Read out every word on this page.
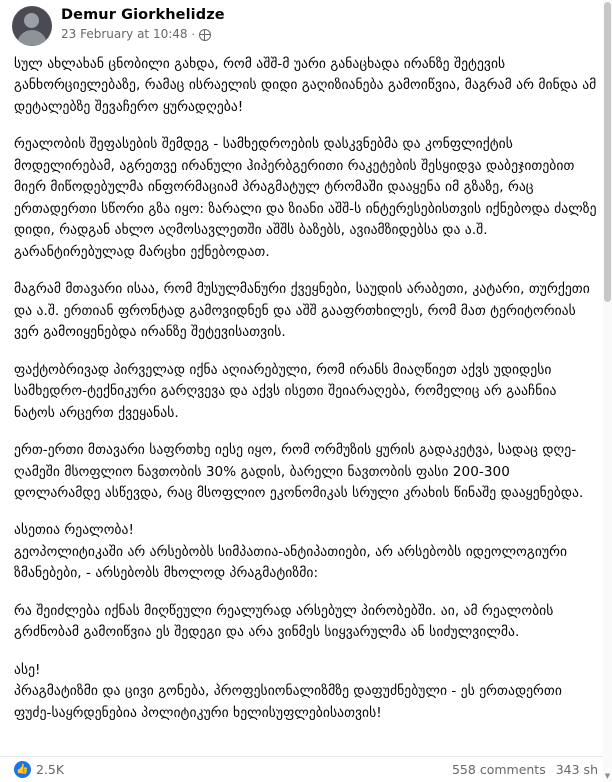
Demur Giorkhelidze
23 February at 10:48 ·

სულ ახლახან ცნობილი გახდა, რომ აშშ-მ უარი განაცხადა ირანზე შეტევის განხორციელებაზე, რამაც ისრაელის დიდი გაღიზიანება გამოიწვია, მაგრამ არ მინდა ამ დეტალებზე შევაჩერო ყურადღება!

რეალობის შეფასების შემდეგ - სამხედროების დასკვნებმა და კონფლიქტის მოდელირებამ, აგრეთვე ირანული ჰიპერბგერითი რაკეტების შესყიდვა დაბეჯითებით მიერ მიწოდებულმა ინფორმაციამ პრაგმატულ ტრომაში დააყენა იმ გზაზე, რაც ერთადერთი სწორი გზა იყო: ზარალი და ზიანი აშშ-ს ინტერესებისთვის იქნებოდა ძალზე დიდი, რადგან ახლო აღმოსავლეთში აშშს ბაზებს, ავიამზიდებსა და ა.შ. გარანტირებულად მარცხი ექნებოდათ.

მაგრამ მთავარი ისაა, რომ მუსულმანური ქვეყნები, საუდის არაბეთი, კატარი, თურქეთი და ა.შ. ერთიან ფრონტად გამოვიდნენ და აშშ გააფრთხილეს, რომ მათ ტერიტორიას ვერ გამოიყენებდა ირანზე შეტევისათვის.

ფაქტობრივად პირველად იქნა აღიარებული, რომ ირანს მიაღწიეთ აქვს უდიდესი სამხედრო-ტექნიკური გარღვევა და აქვს ისეთი შეიარაღება, რომელიც არ გააჩნია ნატოს არცერთ ქვეყანას.

ერთ-ერთი მთავარი საფრთხე იესე იყო, რომ ორმუზის ყურის გადაკეტვა, სადაც დღე-ღამეში მსოფლიო ნავთობის 30% გადის, ბარელი ნავთობის ფასი 200-300 დოლარამდე ასწევდა, რაც მსოფლიო ეკონომიკას სრული კრახის წინაშე დააყენებდა.

ასეთია რეალობა!

გეოპოლიტიკაში არ არსებობს სიმპათია-ანტიპათიები, არ არსებობს იდეოლოგიური ზმანებები, - არსებობს მხოლოდ პრაგმატიზმი:

რა შეიძლება იქნას მიღწეული რეალურად არსებულ პირობებში. აი, ამ რეალობის გრძნობამ გამოიწვია ეს შედეგი და არა ვინმეს სიყვარულმა ან სიძულვილმა.

ასე!

პრაგმატიზმი და ცივი გონება, პროფესიონალიზმზე დაფუძნებული - ეს ერთადერთი ფუძე-საყრდენებია პოლიტიკური ხელისუფლებისათვის!

👍 2.5K	558 comments 343 sh ▼
